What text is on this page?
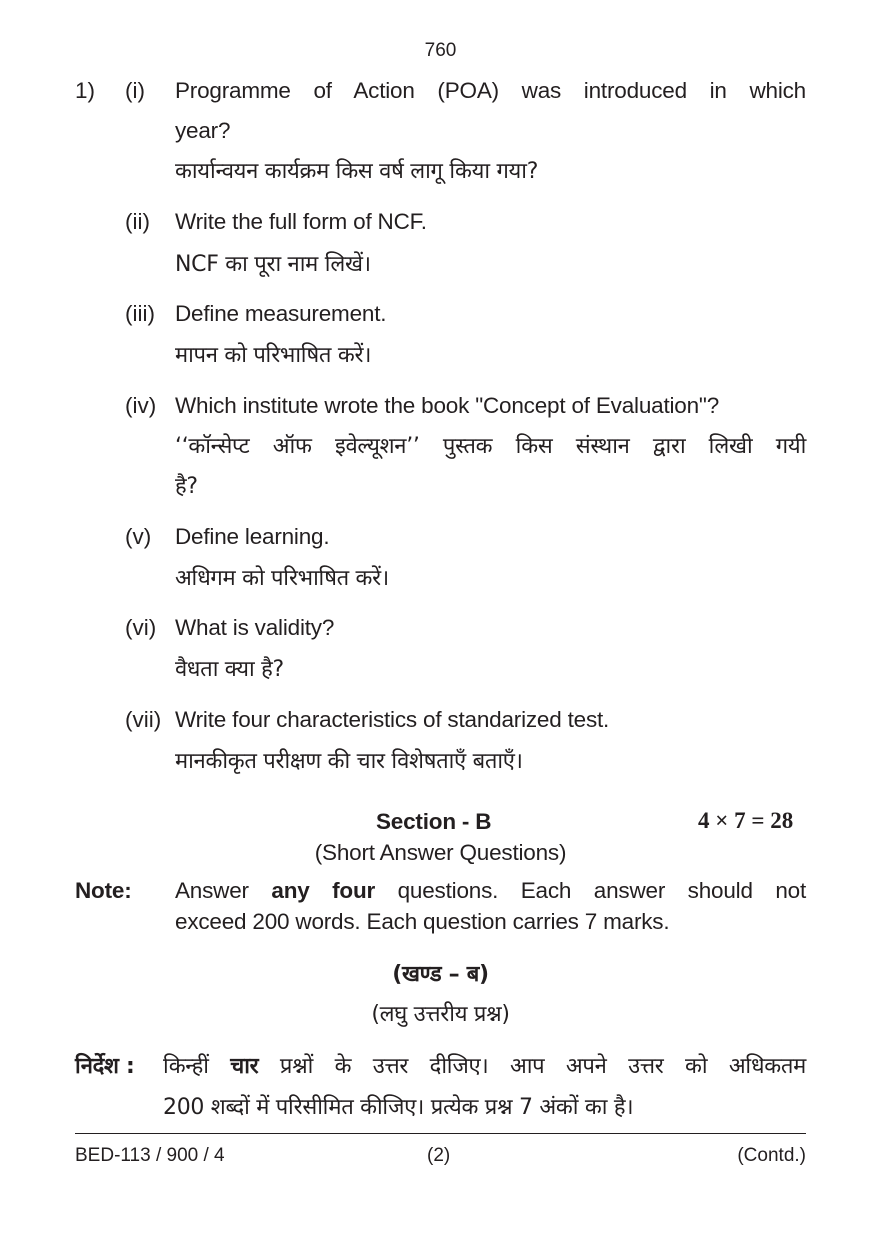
760
1) (i) Programme of Action (POA) was introduced in which
year?
कार्यान्वयन कार्यक्रम किस वर्ष लागू किया गया?
(ii) Write the full form of NCF.
NCF का पूरा नाम लिखें।
(iii) Define measurement.
मापन को परिभाषित करें।
(iv) Which institute wrote the book "Concept of Evaluation"?
‘‘कॉन्सेप्ट ऑफ इवेल्यूशन’’ पुस्तक किस संस्थान द्वारा लिखी गयी
है?
(v) Define learning.
अधिगम को परिभाषित करें।
(vi) What is validity?
वैधता क्या है?
(vii) Write four characteristics of standarized test.
मानकीकृत परीक्षण की चार विशेषताएँ बताएँ।
Section - B	4 × 7 = 28
(Short Answer Questions)
Note: Answer any four questions. Each answer should not
exceed 200 words. Each question carries 7 marks.
(खण्ड – ब)
(लघु उत्तरीय प्रश्न)
निर्देश : किन्हीं चार प्रश्नों के उत्तर दीजिए। आप अपने उत्तर को अधिकतम
200 शब्दों में परिसीमित कीजिए। प्रत्येक प्रश्न 7 अंकों का है।
BED-113 / 900 / 4	(2)	(Contd.)
